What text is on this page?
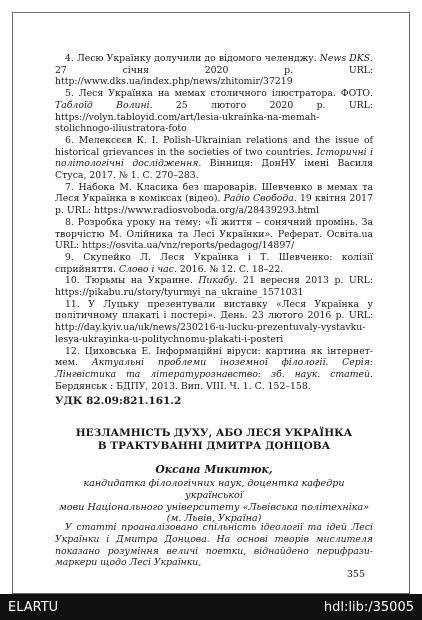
4. Лесю Українку долучили до відомого челенджу. News DKS. 27 січня 2020 р. URL: http://www.dks.ua/index.php/news/zhitomir/37219

5. Леся Українка на мемах столичного ілюстратора. ФОТО. Таблоїд Волині. 25 лютого 2020 р. URL: https://volyn.tabloyid.com/art/lesia-ukrainka-na-memah-stolichnogo-iliustratora-foto

6. Мелексєєв К. І. Polish-Ukrainian relations and the issue of historical grievances in the societies of two countries. Історичні і політологічні дослідження. Вінниця: ДонНУ імені Василя Стуса, 2017. № 1. С. 270–283.

7. Набока М. Класика без шароварів. Шевченко в мемах та Леся Українка в коміксах (відео). Радіо Свобода. 19 квітня 2017 р. URL: https://www.radiosvoboda.org/a/28439293.html

8. Розробка уроку на тему: «Її життя – сонячний промінь. За творчістю М. Олійника та Лесі Українки». Реферат. Освіта.ua URL: https://osvita.ua/vnz/reports/pedagog/14897/

9. Скупейко Л. Леся Українка і Т. Шевченко: колізії сприйняття. Слово і час. 2016. № 12. С. 18–22.

10. Тюрьмы на Украине. Пикабу. 21 вересня 2013 р. URL: https://pikabu.ru/story/tyurmyi_na_ukraine_1571031

11. У Луцьку презентували виставку «Леся Українка у політичному плакаті і постері». День. 23 лютого 2016 р. URL: http://day.kyiv.ua/uk/news/230216-u-lucku-prezentuvaly-vystavku-lesya-ukrayinka-u-politychnomu-plakati-i-posteri

12. Циховська Е. Інформаційні віруси: картина як інтернет-мем. Актуальні проблеми іноземної філології. Серія: Лінгвістика та літературознавство: зб. наук. статей. Бердянськ : БДПУ, 2013. Вип. VIII. Ч. 1. С. 152–158.

УДК 82.09:821.161.2
НЕЗЛАМНІСТЬ ДУХУ, АБО ЛЕСЯ УКРАЇНКА
В ТРАКТУВАННІ ДМИТРА ДОНЦОВА
Оксана Микитюк,
кандидатка філологічних наук, доцентка кафедри української
мови Національного університету «Львівська політехніка»
(м. Львів, Україна)

У статті проаналізовано спільність ідеології та ідей Лесі Українки і Дмитра Донцова. На основі творів мислителя показано розуміння величі поетки, віднайдено перифрази-маркери щодо Лесі Українки,

355
ELARTU	hdl:lib:/35005
